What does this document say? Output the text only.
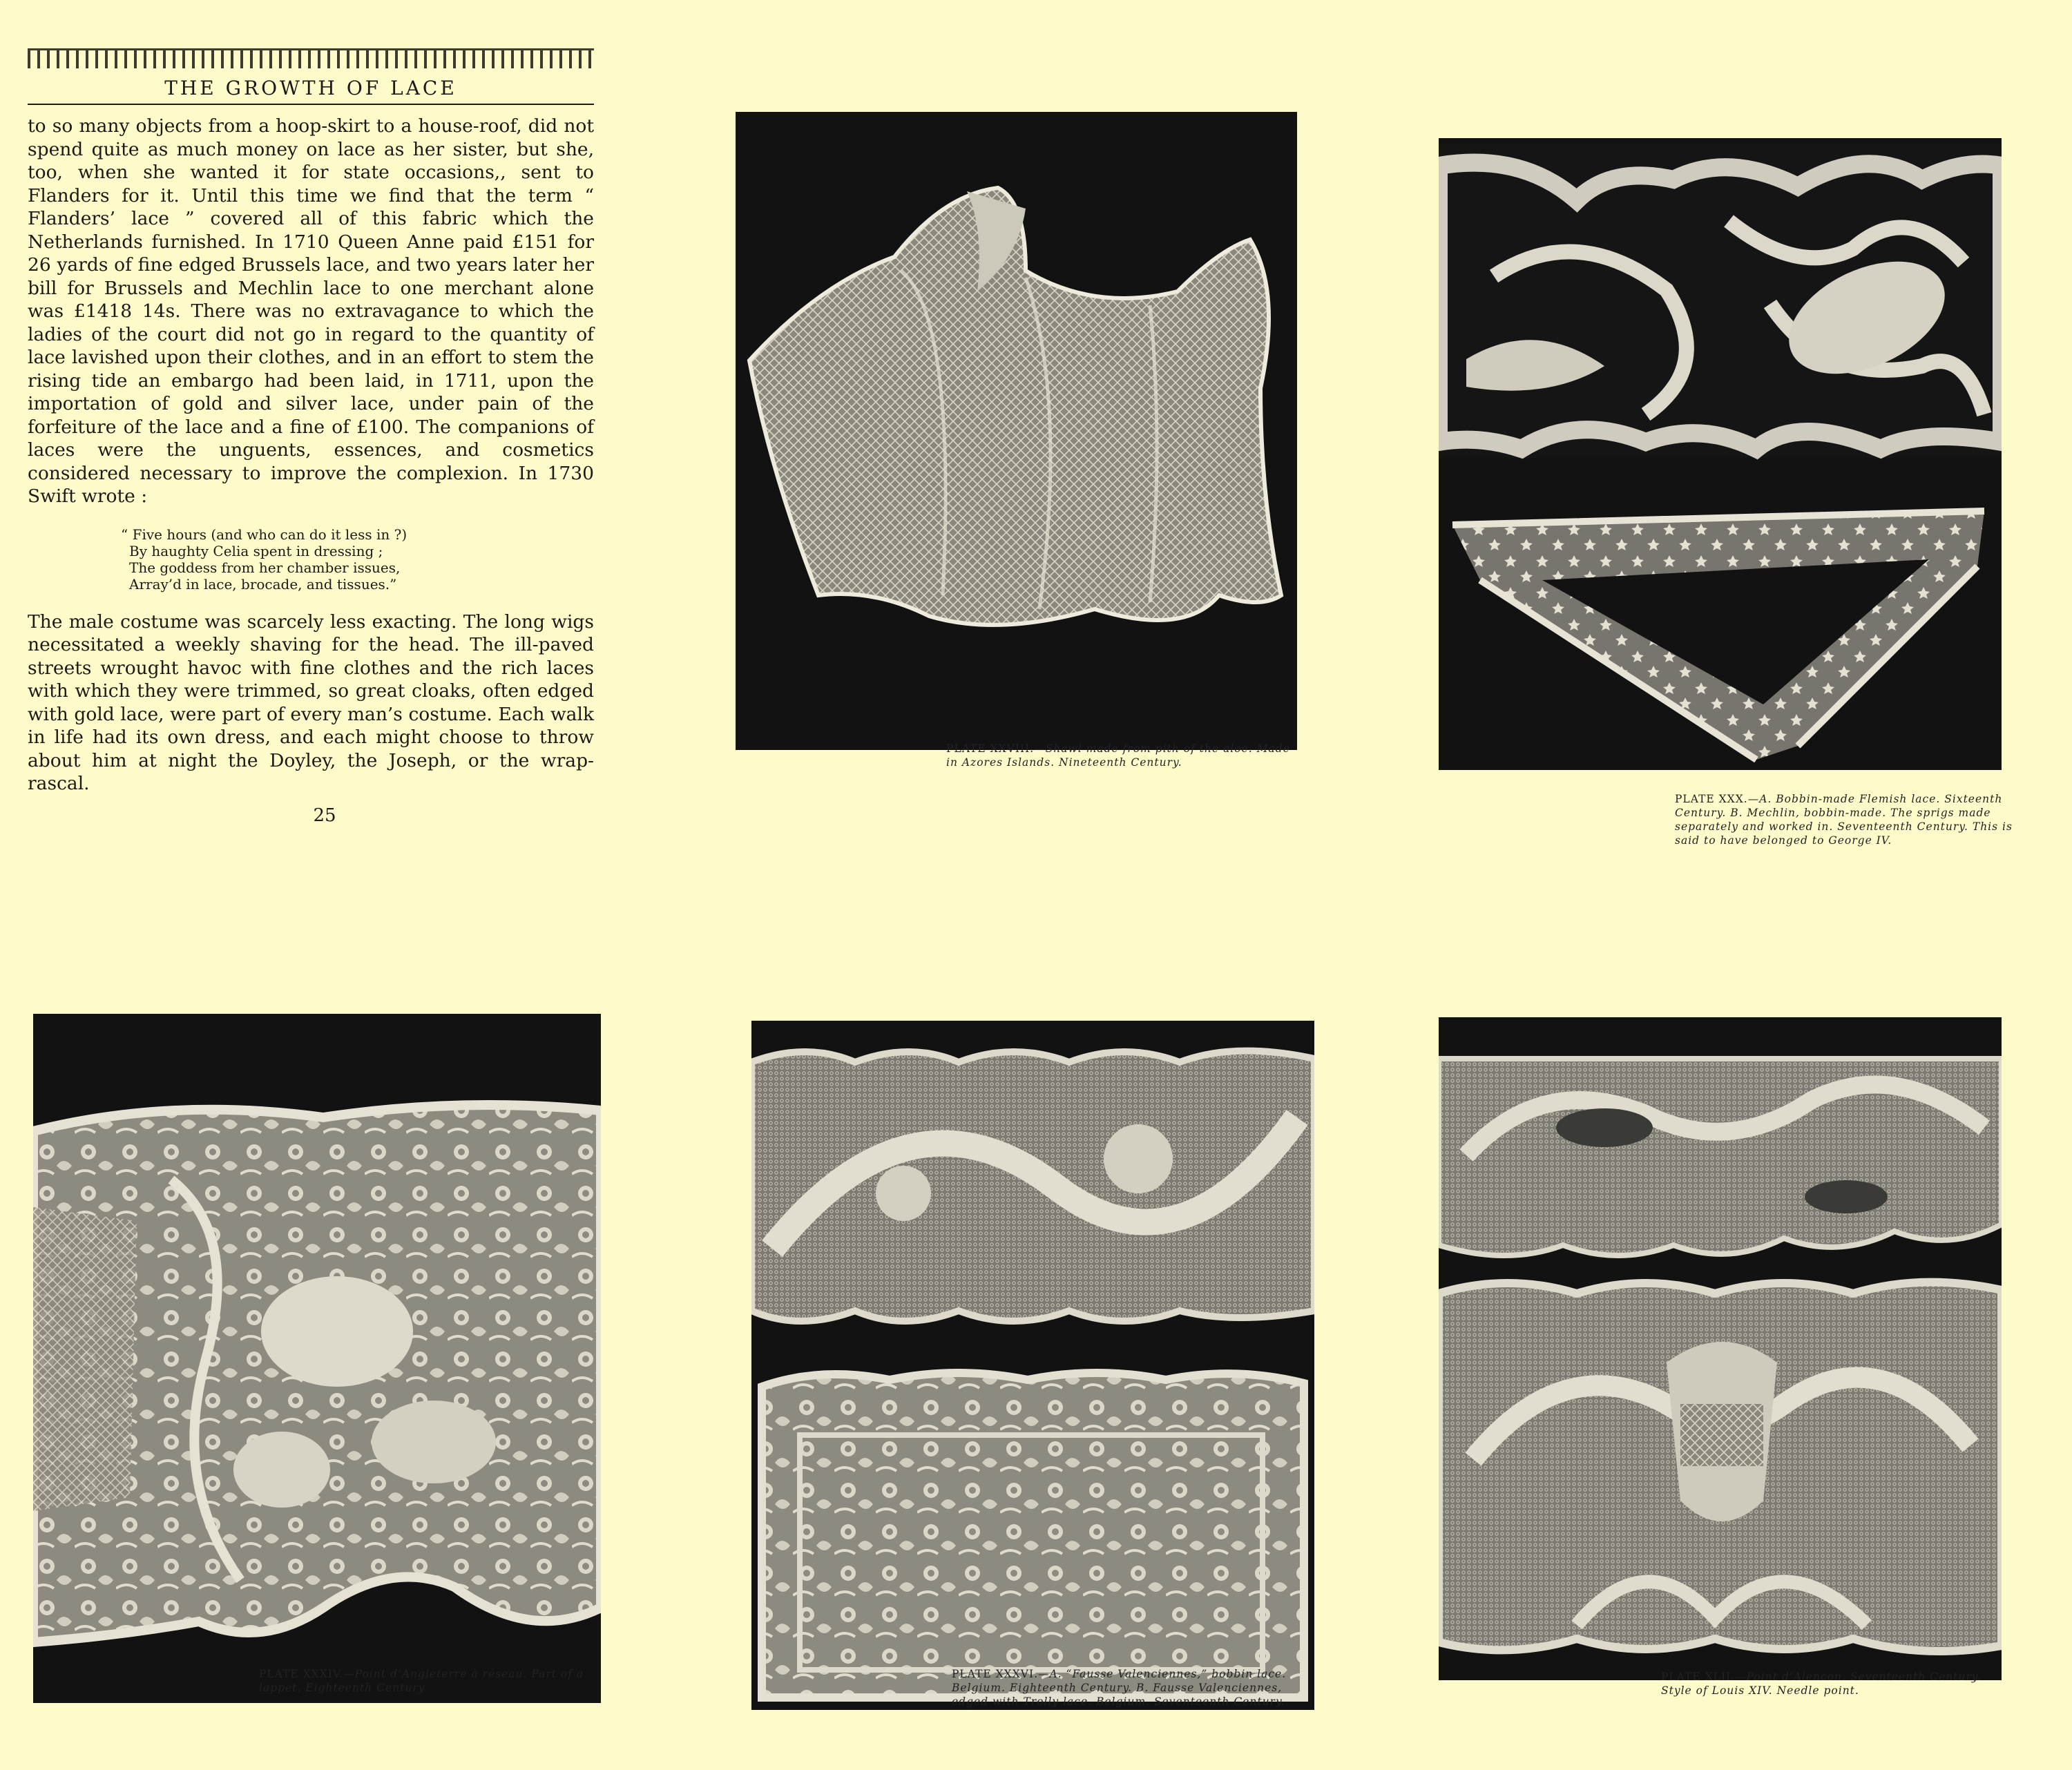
THE GROWTH OF LACE

to so many objects from a hoop-skirt to a house-roof, did not spend quite as much money on lace as her sister, but she, too, when she wanted it for state occasions,, sent to Flanders for it. Until this time we find that the term “ Flanders’ lace ” covered all of this fabric which the Netherlands furnished. In 1710 Queen Anne paid £151 for 26 yards of fine edged Brussels lace, and two years later her bill for Brussels and Mechlin lace to one merchant alone was £1418 14s. There was no extravagance to which the ladies of the court did not go in regard to the quantity of lace lavished upon their clothes, and in an effort to stem the rising tide an embargo had been laid, in 1711, upon the importation of gold and silver lace, under pain of the forfeiture of the lace and a fine of £100. The companions of laces were the unguents, essences, and cosmetics considered necessary to improve the complexion. In 1730 Swift wrote :

“ Five hours (and who can do it less in ?)
By haughty Celia spent in dressing ;
The goddess from her chamber issues,
Array’d in lace, brocade, and tissues.”

The male costume was scarcely less exacting. The long wigs necessitated a weekly shaving for the head. The ill-paved streets wrought havoc with fine clothes and the rich laces with which they were trimmed, so great cloaks, often edged with gold lace, were part of every man’s costume. Each walk in life had its own dress, and each might choose to throw about him at night the Doyley, the Joseph, or the wrap-rascal.

25
PLATE XXVIII.—Shawl made from pith of the aloe. Made in Azores Islands. Nineteenth Century.
PLATE XXX.—A. Bobbin-made Flemish lace. Sixteenth Century. B. Mechlin, bobbin-made. The sprigs made separately and worked in. Seventeenth Century. This is said to have belonged to George IV.
PLATE XXXIV.—Point d’Angleterre à réseau. Part of a lappet. Eighteenth Century.
PLATE XXXVI.—A. “Fausse Valenciennes,” bobbin lace. Belgium. Eighteenth Century. B. Fausse Valenciennes, edged with Trolly lace. Belgium. Seventeenth Century.
PLATE XLII.—Point d’Alencon. Seventeenth Century. Style of Louis XIV. Needle point.
